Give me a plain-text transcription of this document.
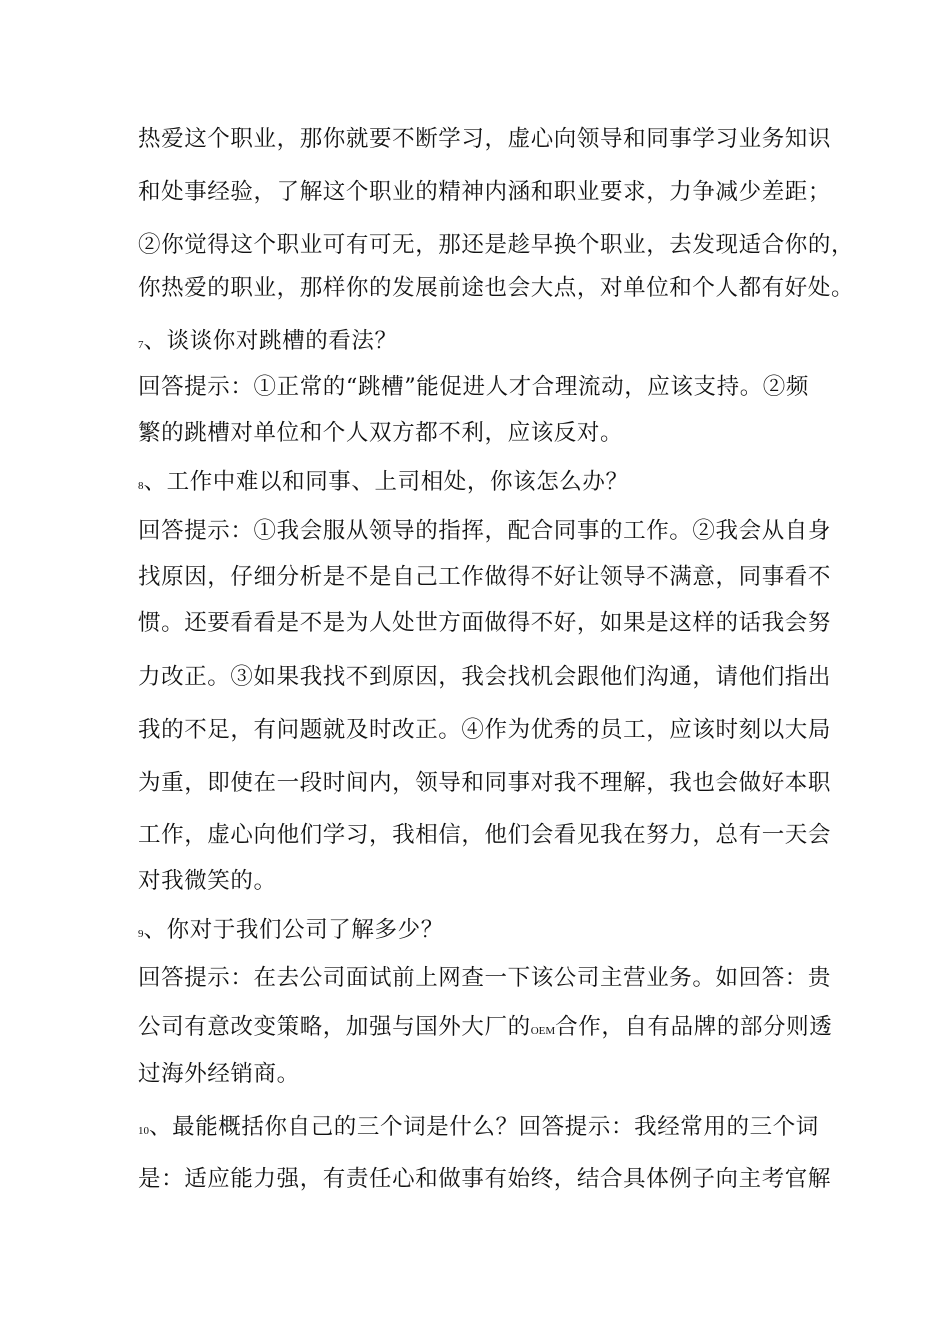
热爱这个职业，那你就要不断学习，虚心向领导和同事学习业务知识
和处事经验，了解这个职业的精神内涵和职业要求，力争减少差距；
②你觉得这个职业可有可无，那还是趁早换个职业，去发现适合你的，
你热爱的职业，那样你的发展前途也会大点，对单位和个人都有好处。
7、谈谈你对跳槽的看法？
回答提示：①正常的“跳槽”能促进人才合理流动，应该支持。②频
繁的跳槽对单位和个人双方都不利，应该反对。
8、工作中难以和同事、上司相处，你该怎么办？
回答提示：①我会服从领导的指挥，配合同事的工作。②我会从自身
找原因，仔细分析是不是自己工作做得不好让领导不满意，同事看不
惯。还要看看是不是为人处世方面做得不好，如果是这样的话我会努
力改正。③如果我找不到原因，我会找机会跟他们沟通，请他们指出
我的不足，有问题就及时改正。④作为优秀的员工，应该时刻以大局
为重，即使在一段时间内，领导和同事对我不理解，我也会做好本职
工作，虚心向他们学习，我相信，他们会看见我在努力，总有一天会
对我微笑的。
9、你对于我们公司了解多少？
回答提示：在去公司面试前上网查一下该公司主营业务。如回答：贵
公司有意改变策略，加强与国外大厂的OEM合作，自有品牌的部分则透
过海外经销商。
10、最能概括你自己的三个词是什么？回答提示：我经常用的三个词
是：适应能力强，有责任心和做事有始终，结合具体例子向主考官解
